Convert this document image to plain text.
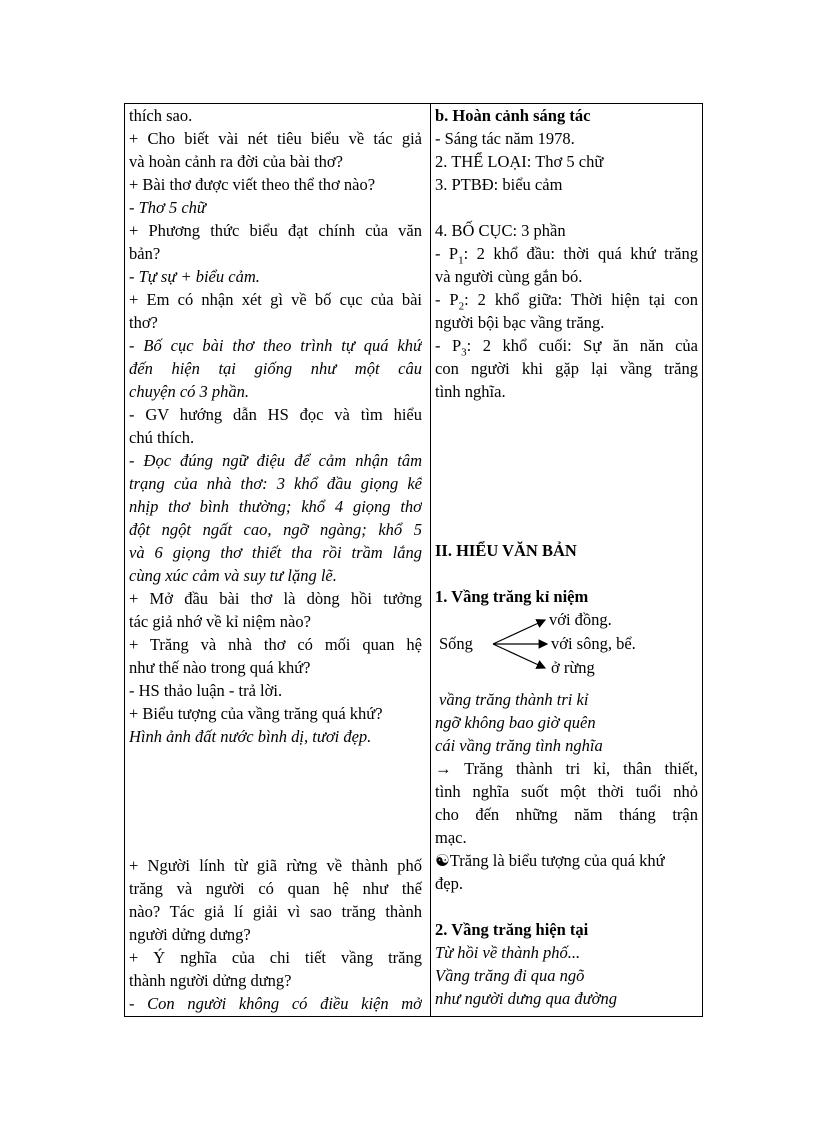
thích sao.
+ Cho biết vài nét tiêu biểu về tác giả
và hoàn cảnh ra đời của bài thơ?
+ Bài thơ được viết theo thể thơ nào?
- Thơ 5 chữ
+ Phương thức biểu đạt chính của văn
bản?
- Tự sự + biểu cảm.
+ Em có nhận xét gì về bố cục của bài
thơ?
- Bố cục bài thơ theo trình tự quá khứ
đến hiện tại giống như một câu
chuyện có 3 phần.
- GV hướng dẫn HS đọc và tìm hiểu
chú thích.
- Đọc đúng ngữ điệu để cảm nhận tâm
trạng của nhà thơ: 3 khổ đầu giọng kể
nhịp thơ bình thường; khổ 4 giọng thơ
đột ngột ngất cao, ngỡ ngàng; khổ 5
và 6 giọng thơ thiết tha rồi trầm lắng
cùng xúc cảm và suy tư lặng lẽ.
+ Mở đầu bài thơ là dòng hồi tưởng
tác giả nhớ về kỉ niệm nào?
+ Trăng và nhà thơ có mối quan hệ
như thế nào trong quá khứ?
- HS thảo luận - trả lời.
+ Biểu tượng của vầng trăng quá khứ?
Hình ảnh đất nước bình dị, tươi đẹp.
+ Người lính từ giã rừng về thành phố
trăng và người có quan hệ như thế
nào? Tác giả lí giải vì sao trăng thành
người dửng dưng?
+ Ý nghĩa của chi tiết vầng trăng
thành người dửng dưng?
- Con người không có điều kiện mở
b. Hoàn cảnh sáng tác
- Sáng tác năm 1978.
2. THỂ LOẠI: Thơ 5 chữ
3. PTBĐ: biểu cảm
4. BỐ CỤC: 3 phần
- $P_1$: 2 khổ đầu: thời quá khứ trăng
và người cùng gắn bó.
- $P_2$: 2 khổ giữa: Thời hiện tại con
người bội bạc vầng trăng.
- $P_3$: 2 khổ cuối: Sự ăn năn của
con người khi gặp lại vầng trăng
tình nghĩa.
II. HIỂU VĂN BẢN
1. Vầng trăng kỉ niệm
Sống
với đồng.
với sông, bể.
ở rừng
vầng trăng thành tri kỉ
ngỡ không bao giờ quên
cái vầng trăng tình nghĩa
→ Trăng thành tri kỉ, thân thiết,
tình nghĩa suốt một thời tuổi nhỏ
cho đến những năm tháng trận
mạc.
☯Trăng là biểu tượng của quá khứ
đẹp.
2. Vầng trăng hiện tại
Từ hồi về thành phố...
Vầng trăng đi qua ngõ
như người dưng qua đường
